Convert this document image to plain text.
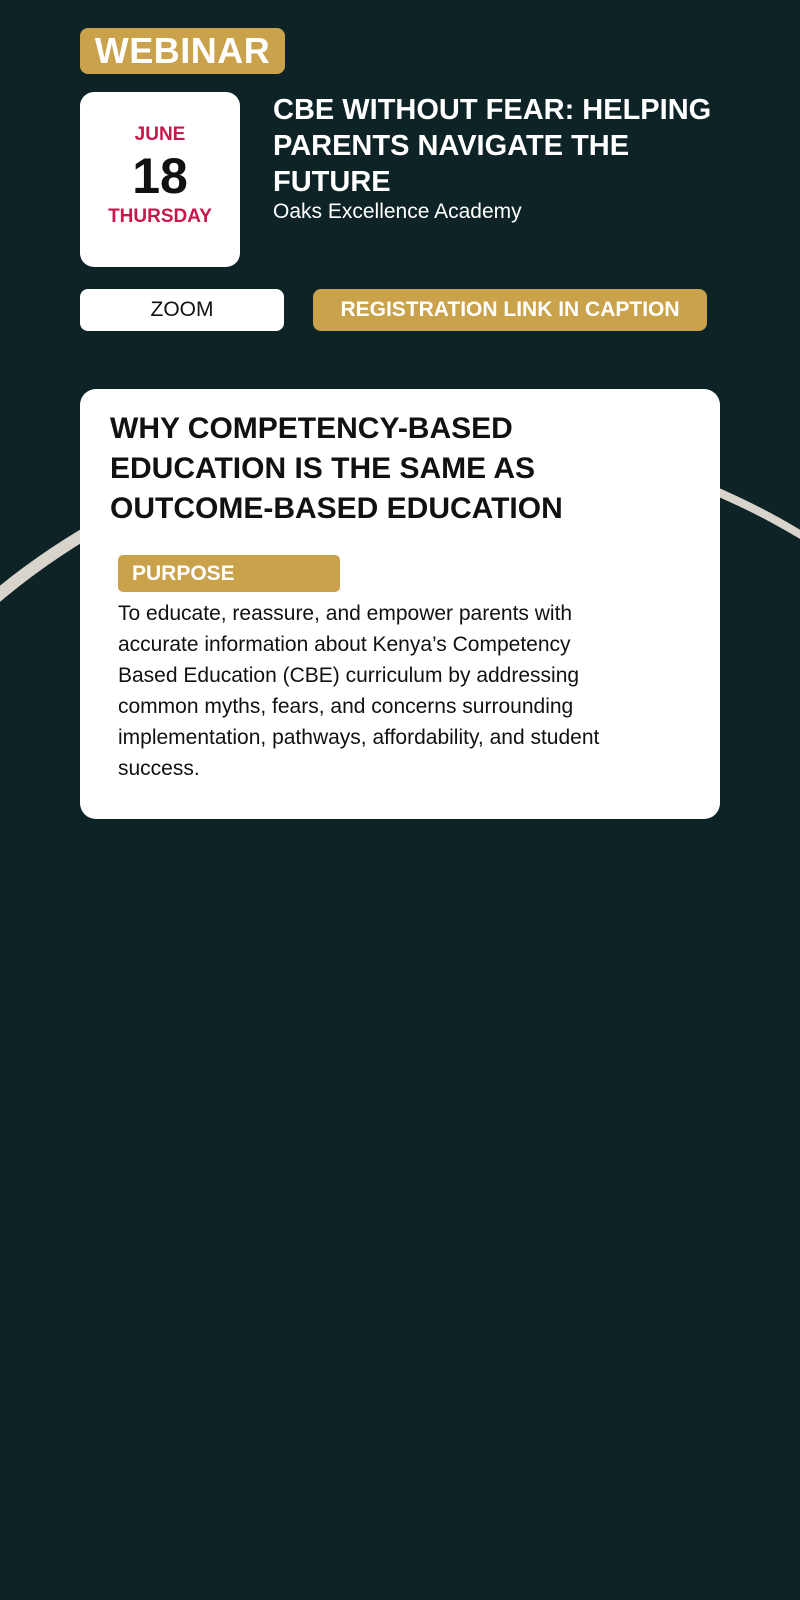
WEBINAR
JUNE
18
THURSDAY
CBE WITHOUT FEAR: HELPING
PARENTS NAVIGATE THE
FUTURE
Oaks Excellence Academy
ZOOM	REGISTRATION LINK IN CAPTION
WHY COMPETENCY-BASED
EDUCATION IS THE SAME AS
OUTCOME-BASED EDUCATION
PURPOSE
To educate, reassure, and empower parents with
accurate information about Kenya’s Competency
Based Education (CBE) curriculum by addressing
common myths, fears, and concerns surrounding
implementation, pathways, affordability, and student
success.
